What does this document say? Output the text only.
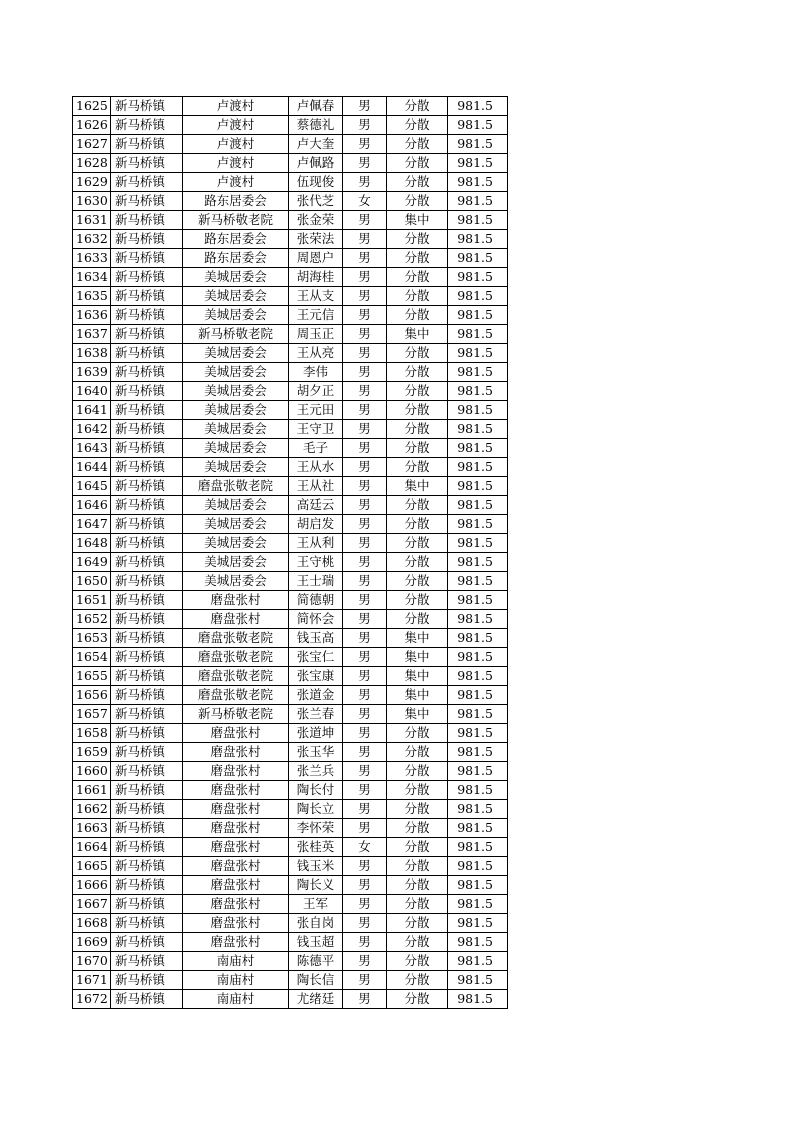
1625	新马桥镇	卢渡村	卢佩春	男	分散	981.5
1626	新马桥镇	卢渡村	蔡德礼	男	分散	981.5
1627	新马桥镇	卢渡村	卢大奎	男	分散	981.5
1628	新马桥镇	卢渡村	卢佩路	男	分散	981.5
1629	新马桥镇	卢渡村	伍现俊	男	分散	981.5
1630	新马桥镇	路东居委会	张代芝	女	分散	981.5
1631	新马桥镇	新马桥敬老院	张金荣	男	集中	981.5
1632	新马桥镇	路东居委会	张荣法	男	分散	981.5
1633	新马桥镇	路东居委会	周恩户	男	分散	981.5
1634	新马桥镇	美城居委会	胡海桂	男	分散	981.5
1635	新马桥镇	美城居委会	王从支	男	分散	981.5
1636	新马桥镇	美城居委会	王元信	男	分散	981.5
1637	新马桥镇	新马桥敬老院	周玉正	男	集中	981.5
1638	新马桥镇	美城居委会	王从亮	男	分散	981.5
1639	新马桥镇	美城居委会	李伟	男	分散	981.5
1640	新马桥镇	美城居委会	胡夕正	男	分散	981.5
1641	新马桥镇	美城居委会	王元田	男	分散	981.5
1642	新马桥镇	美城居委会	王守卫	男	分散	981.5
1643	新马桥镇	美城居委会	毛子	男	分散	981.5
1644	新马桥镇	美城居委会	王从水	男	分散	981.5
1645	新马桥镇	磨盘张敬老院	王从社	男	集中	981.5
1646	新马桥镇	美城居委会	高廷云	男	分散	981.5
1647	新马桥镇	美城居委会	胡启发	男	分散	981.5
1648	新马桥镇	美城居委会	王从利	男	分散	981.5
1649	新马桥镇	美城居委会	王守桃	男	分散	981.5
1650	新马桥镇	美城居委会	王士瑞	男	分散	981.5
1651	新马桥镇	磨盘张村	简德朝	男	分散	981.5
1652	新马桥镇	磨盘张村	简怀会	男	分散	981.5
1653	新马桥镇	磨盘张敬老院	钱玉高	男	集中	981.5
1654	新马桥镇	磨盘张敬老院	张宝仁	男	集中	981.5
1655	新马桥镇	磨盘张敬老院	张宝康	男	集中	981.5
1656	新马桥镇	磨盘张敬老院	张道金	男	集中	981.5
1657	新马桥镇	新马桥敬老院	张兰春	男	集中	981.5
1658	新马桥镇	磨盘张村	张道坤	男	分散	981.5
1659	新马桥镇	磨盘张村	张玉华	男	分散	981.5
1660	新马桥镇	磨盘张村	张兰兵	男	分散	981.5
1661	新马桥镇	磨盘张村	陶长付	男	分散	981.5
1662	新马桥镇	磨盘张村	陶长立	男	分散	981.5
1663	新马桥镇	磨盘张村	李怀荣	男	分散	981.5
1664	新马桥镇	磨盘张村	张桂英	女	分散	981.5
1665	新马桥镇	磨盘张村	钱玉米	男	分散	981.5
1666	新马桥镇	磨盘张村	陶长义	男	分散	981.5
1667	新马桥镇	磨盘张村	王军	男	分散	981.5
1668	新马桥镇	磨盘张村	张自岗	男	分散	981.5
1669	新马桥镇	磨盘张村	钱玉超	男	分散	981.5
1670	新马桥镇	南庙村	陈德平	男	分散	981.5
1671	新马桥镇	南庙村	陶长信	男	分散	981.5
1672	新马桥镇	南庙村	尤绪廷	男	分散	981.5
